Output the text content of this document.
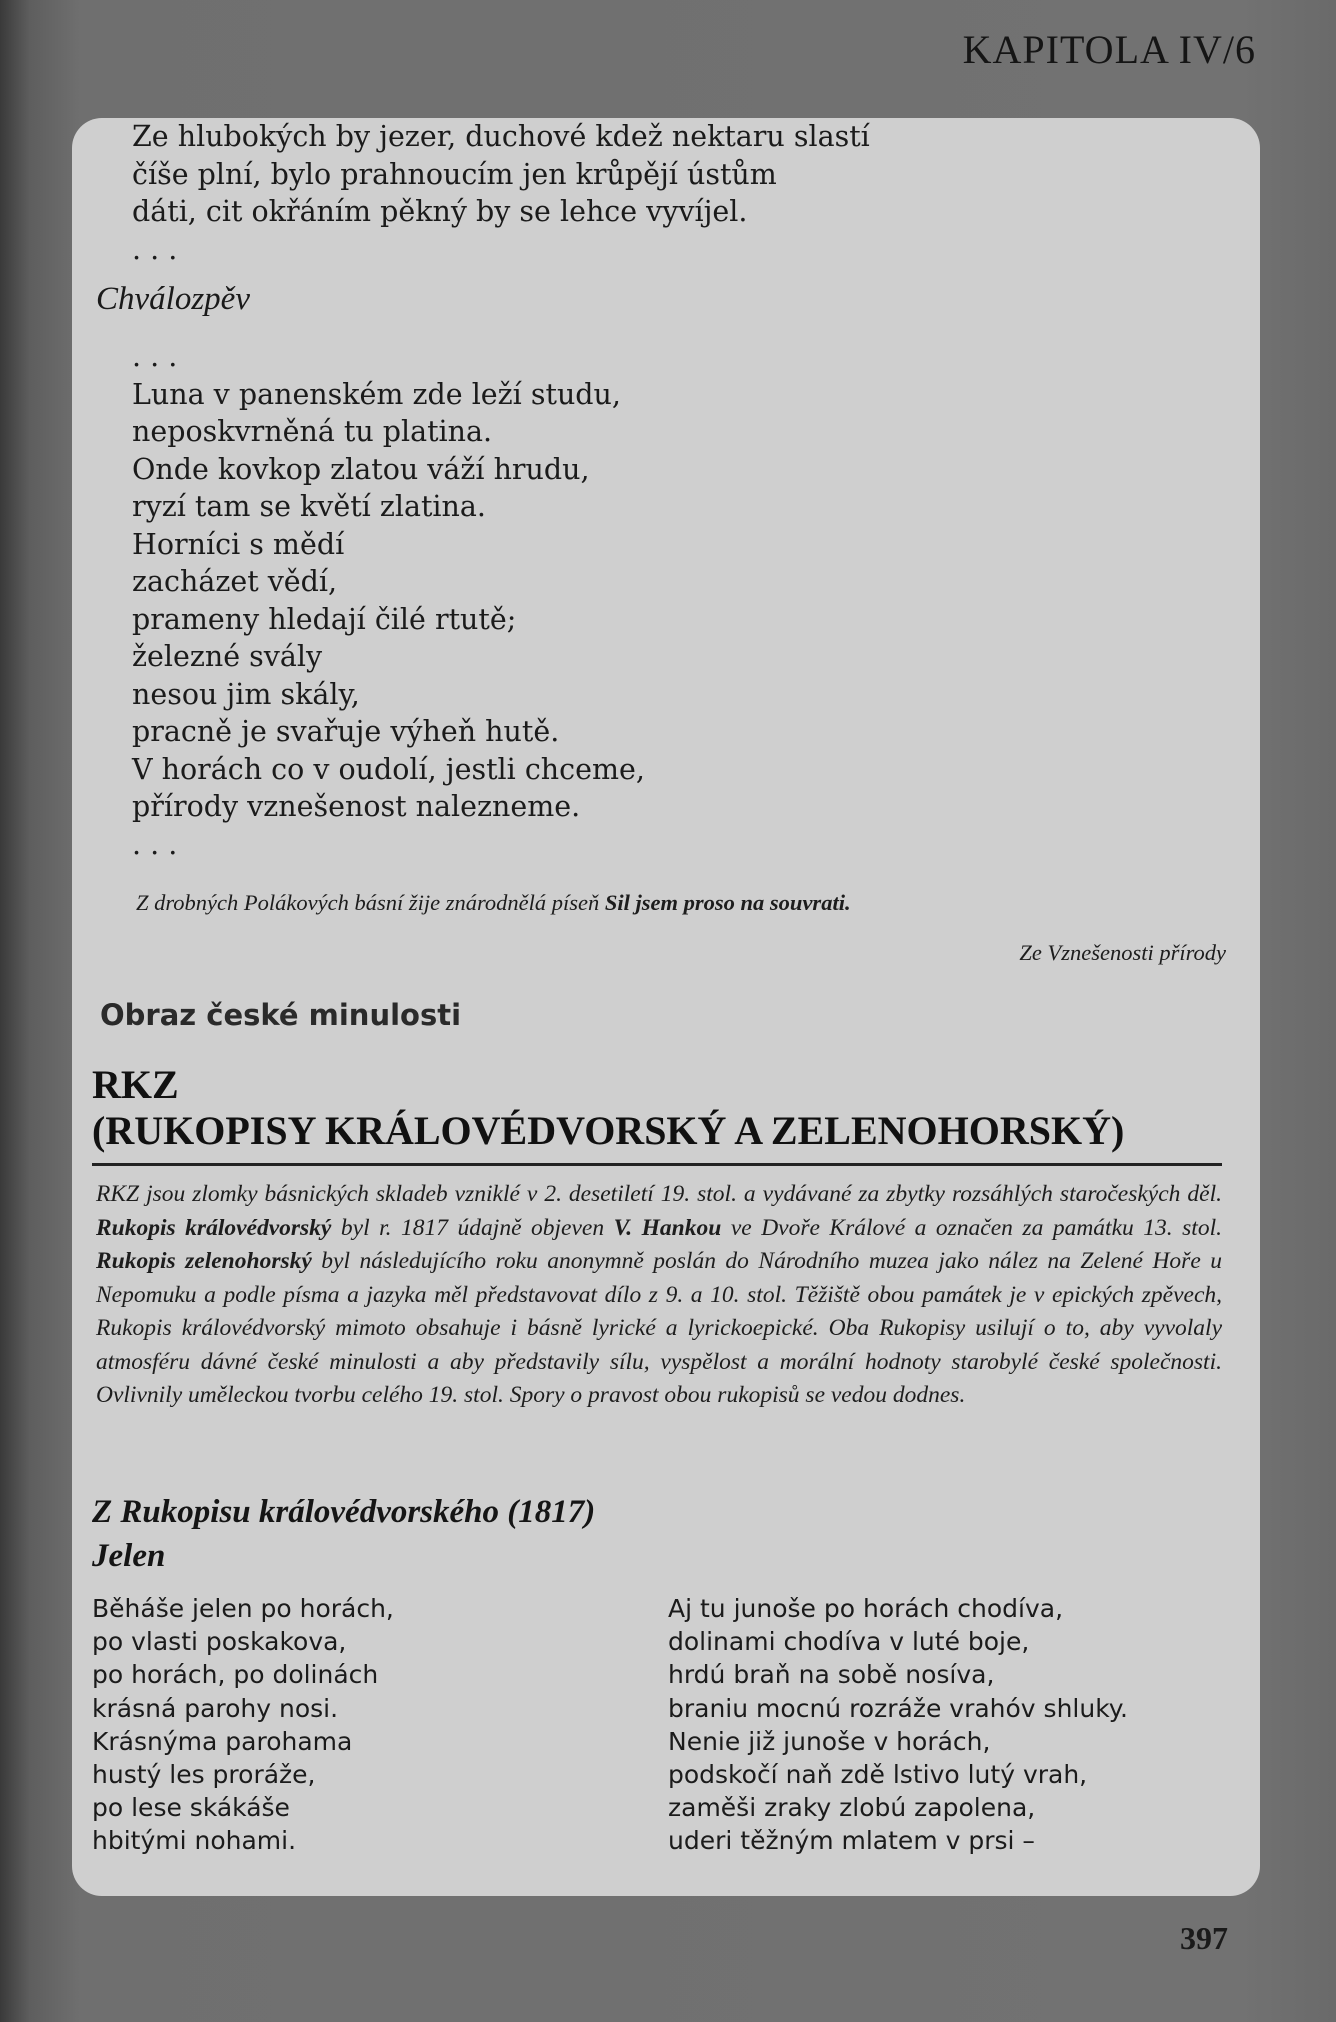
KAPITOLA IV/6
Ze hlubokých by jezer, duchové kdež nektaru slastí
číše plní, bylo prahnoucím jen krůpějí ústům
dáti, cit okřáním pěkný by se lehce vyvíjel.
. . .
Chválozpěv
. . .
Luna v panenském zde leží studu,
neposkvrněná tu platina.
Onde kovkop zlatou váží hrudu,
ryzí tam se květí zlatina.
Horníci s mědí
zacházet vědí,
prameny hledají čilé rtutě;
železné svály
nesou jim skály,
pracně je svařuje výheň hutě.
V horách co v oudolí, jestli chceme,
přírody vznešenost nalezneme.
. . .
Z drobných Polákových básní žije znárodnělá píseň Sil jsem proso na souvrati.
Ze Vznešenosti přírody
Obraz české minulosti
RKZ
(RUKOPISY KRÁLOVÉDVORSKÝ A ZELENOHORSKÝ)
RKZ jsou zlomky básnických skladeb vzniklé v 2. desetiletí 19. stol. a vydávané za zbytky rozsáhlých staročeských děl. Rukopis královédvorský byl r. 1817 údajně objeven V. Hankou ve Dvoře Králové a označen za památku 13. stol. Rukopis zelenohorský byl následujícího roku anonymně poslán do Národního muzea jako nález na Zelené Hoře u Nepomuku a podle písma a jazyka měl představovat dílo z 9. a 10. stol. Těžiště obou památek je v epických zpěvech, Rukopis královédvorský mimoto obsahuje i básně lyrické a lyrickoepické. Oba Rukopisy usilují o to, aby vyvolaly atmosféru dávné české minulosti a aby představily sílu, vyspělost a morální hodnoty starobylé české společnosti. Ovlivnily uměleckou tvorbu celého 19. stol. Spory o pravost obou rukopisů se vedou dodnes.
Z Rukopisu královédvorského (1817)
Jelen
Běháše jelen po horách,
po vlasti poskakova,
po horách, po dolinách
krásná parohy nosi.
Krásnýma parohama
hustý les proráže,
po lese skákáše
hbitými nohami.
Aj tu junoše po horách chodíva,
dolinami chodíva v luté boje,
hrdú braň na sobě nosíva,
braniu mocnú rozráže vrahóv shluky.
Nenie již junoše v horách,
podskočí naň zdě lstivo lutý vrah,
zaměši zraky zlobú zapolena,
uderi těžným mlatem v prsi –
397
